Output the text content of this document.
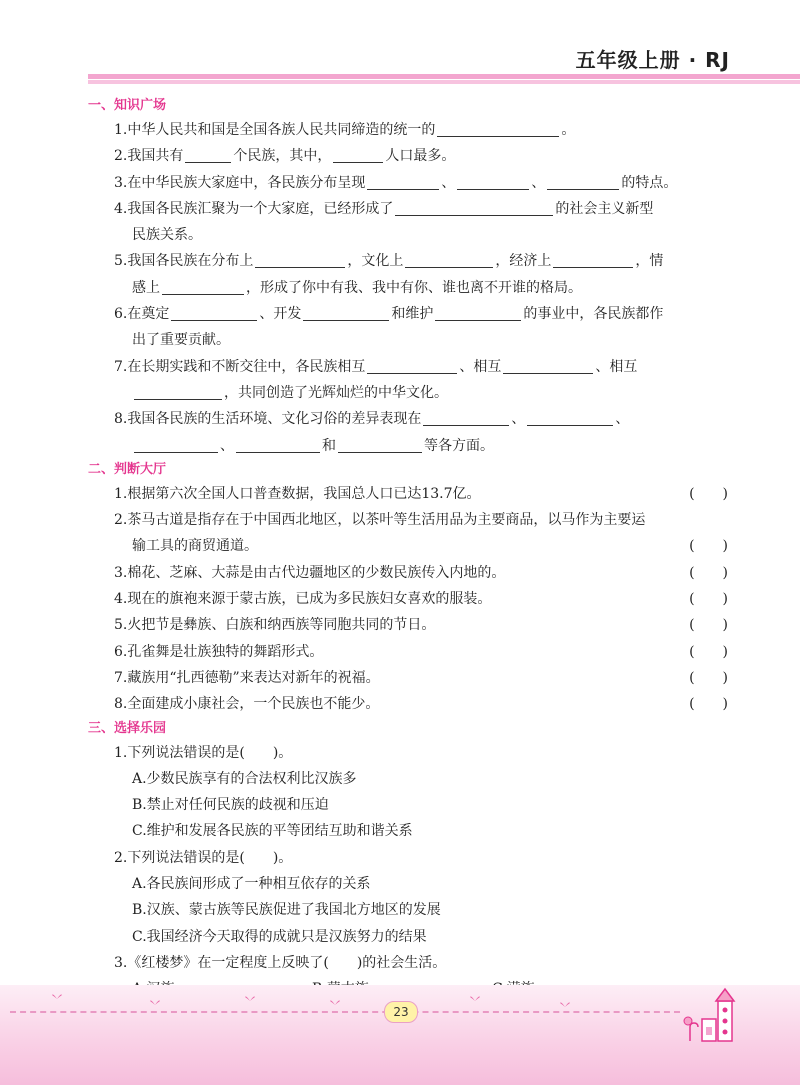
五年级上册 · RJ
一、知识广场
1.中华人民共和国是全国各族人民共同缔造的统一的	。
2.我国共有	个民族，其中，	人口最多。
3.在中华民族大家庭中，各民族分布呈现	、	、	的特点。
4.我国各民族汇聚为一个大家庭，已经形成了	的社会主义新型
民族关系。
5.我国各民族在分布上	，文化上	，经济上	，情
感上	，形成了你中有我、我中有你、谁也离不开谁的格局。
6.在奠定	、开发	和维护	的事业中，各民族都作
出了重要贡献。
7.在长期实践和不断交往中，各民族相互	、相互	、相互
，共同创造了光辉灿烂的中华文化。
8.我国各民族的生活环境、文化习俗的差异表现在	、	、
、	和	等各方面。
二、判断大厅
1.根据第六次全国人口普查数据，我国总人口已达13.7亿。	(　　)
2.茶马古道是指存在于中国西北地区，以茶叶等生活用品为主要商品，以马作为主要运
输工具的商贸通道。	(　　)
3.棉花、芝麻、大蒜是由古代边疆地区的少数民族传入内地的。	(　　)
4.现在的旗袍来源于蒙古族，已成为多民族妇女喜欢的服装。	(　　)
5.火把节是彝族、白族和纳西族等同胞共同的节日。	(　　)
6.孔雀舞是壮族独特的舞蹈形式。	(　　)
7.藏族用“扎西德勒”来表达对新年的祝福。	(　　)
8.全面建成小康社会，一个民族也不能少。	(　　)
三、选择乐园
1.下列说法错误的是(　　)。
A.少数民族享有的合法权利比汉族多
B.禁止对任何民族的歧视和压迫
C.维护和发展各民族的平等团结互助和谐关系
2.下列说法错误的是(　　)。
A.各民族间形成了一种相互依存的关系
B.汉族、蒙古族等民族促进了我国北方地区的发展
C.我国经济今天取得的成就只是汉族努力的结果
3.《红楼梦》在一定程度上反映了(　　)的社会生活。
23
